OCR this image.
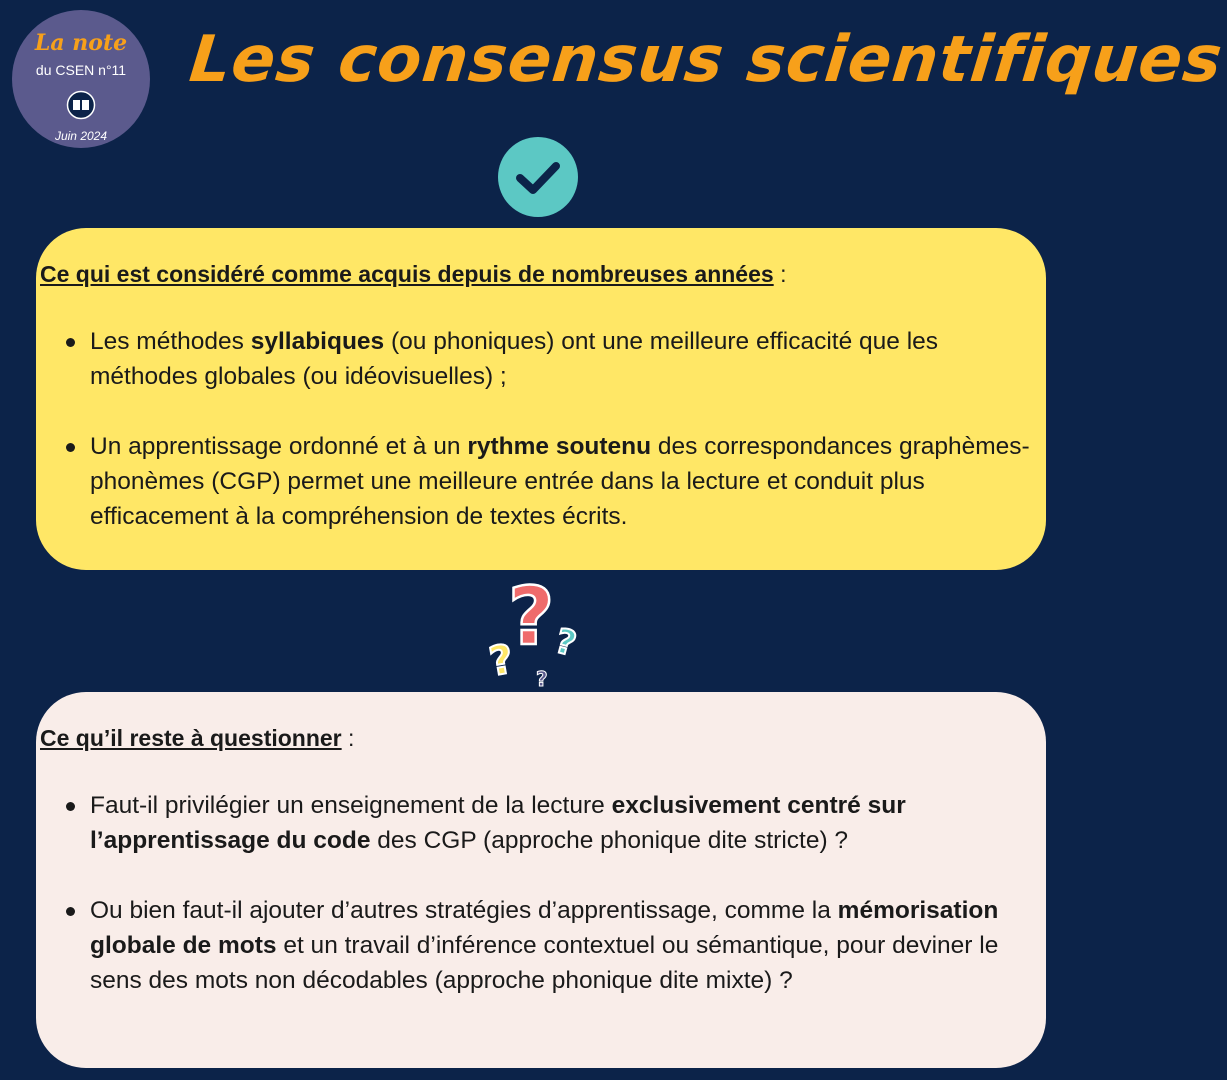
La note
du CSEN n°11
Juin 2024
Les consensus scientifiques

Ce qui est considéré comme acquis depuis de nombreuses années :

Les méthodes syllabiques (ou phoniques) ont une meilleure efficacité que les méthodes globales (ou idéovisuelles) ;
Un apprentissage ordonné et à un rythme soutenu des correspondances graphèmes-phonèmes (CGP) permet une meilleure entrée dans la lecture et conduit plus efficacement à la compréhension de textes écrits.
?
?
? ?

Ce qu’il reste à questionner :

Faut-il privilégier un enseignement de la lecture exclusivement centré sur l’apprentissage du code des CGP (approche phonique dite stricte) ?
Ou bien faut-il ajouter d’autres stratégies d’apprentissage, comme la mémorisation globale de mots et un travail d’inférence contextuel ou sémantique, pour deviner le sens des mots non décodables (approche phonique dite mixte) ?
